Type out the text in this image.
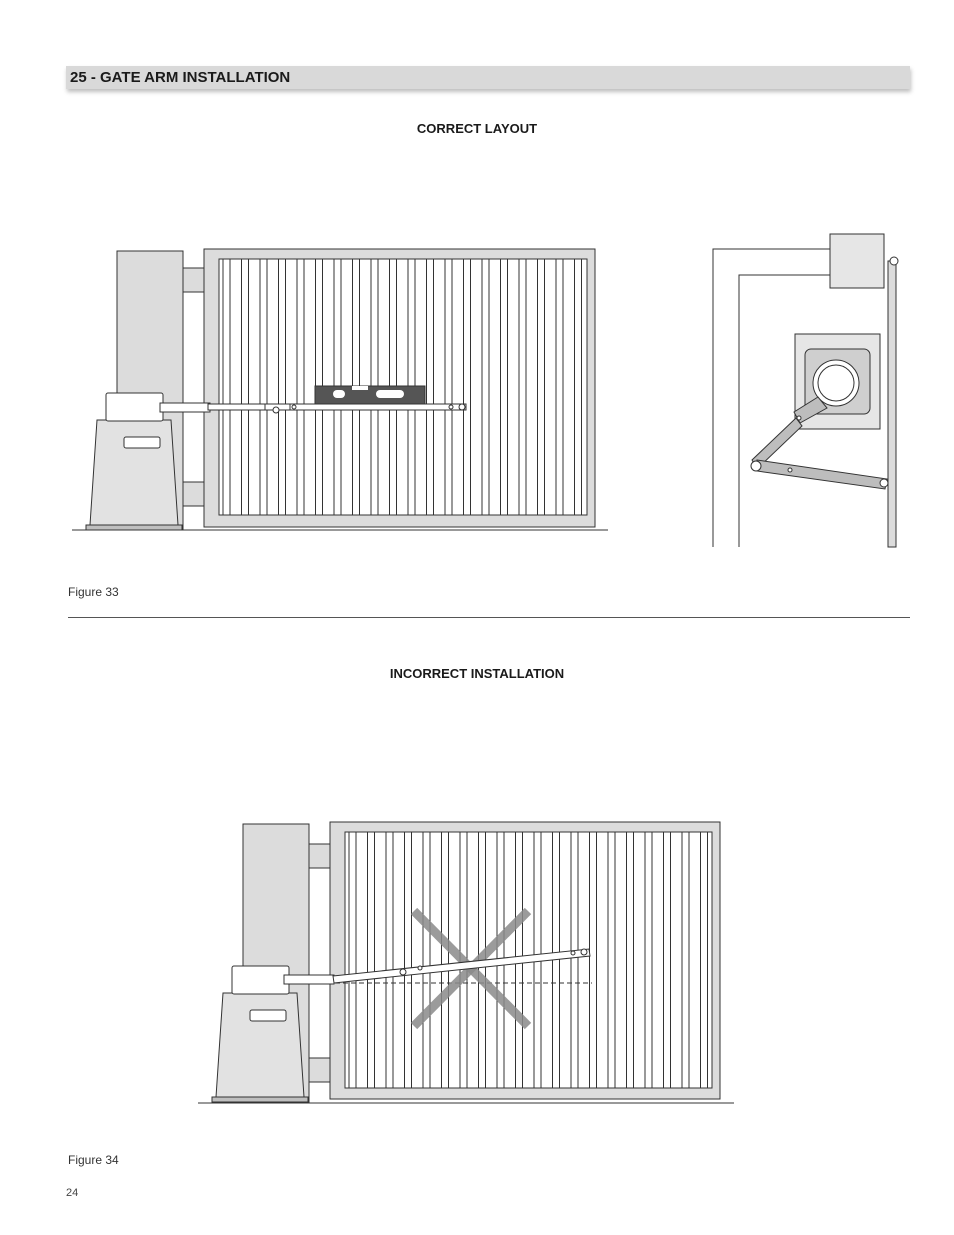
25 - GATE ARM INSTALLATION
CORRECT LAYOUT
Figure 33
INCORRECT INSTALLATION
Figure 34
24
